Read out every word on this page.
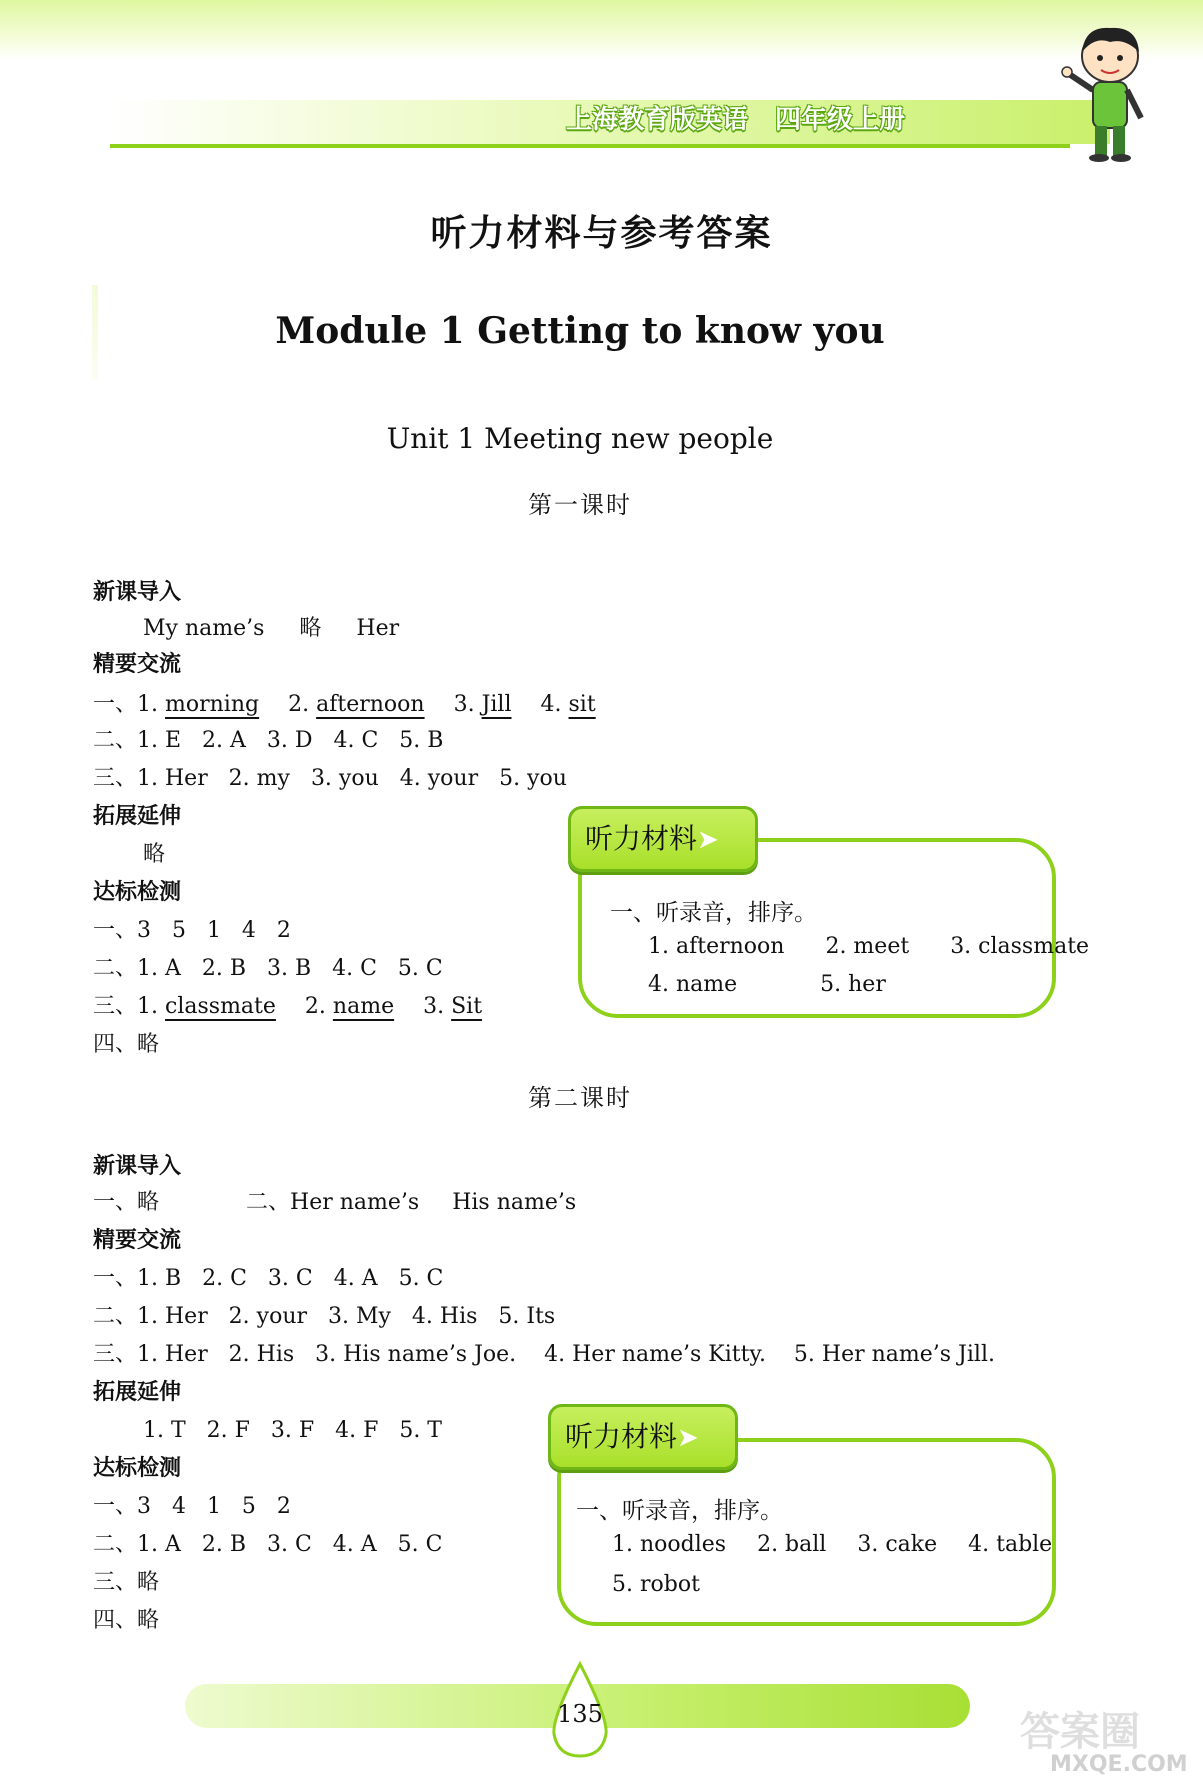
上海教育版英语 四年级上册
听力材料与参考答案
Module 1 Getting to know you
Unit 1 Meeting new people
第一课时
新课导入
My name’s 略 Her
精要交流
一、1. morning 2. afternoon 3. Jill 4. sit
二、1. E   2. A   3. D   4. C   5. B
三、1. Her   2. my   3. you   4. your   5. you
拓展延伸
略
达标检测
一、3   5   1   4   2
二、1. A   2. B   3. B   4. C   5. C
三、1. classmate 2. name 3. Sit
四、略
听力材料➤
一、听录音，排序。
1. afternoon 2. meet 3. classmate
4. name	5. her
第二课时
新课导入
一、略	二、Her name’s His name’s
精要交流
一、1. B   2. C   3. C   4. A   5. C
二、1. Her   2. your   3. My   4. His   5. Its
三、1. Her   2. His   3. His name’s Joe.    4. Her name’s Kitty.    5. Her name’s Jill.
拓展延伸
1. T   2. F   3. F   4. F   5. T
达标检测
一、3   4   1   5   2
二、1. A   2. B   3. C   4. A   5. C
三、略
四、略
听力材料➤
一、听录音，排序。
1. noodles 2. ball 3. cake 4. table
5. robot
135	答案圈
MXQE.COM
